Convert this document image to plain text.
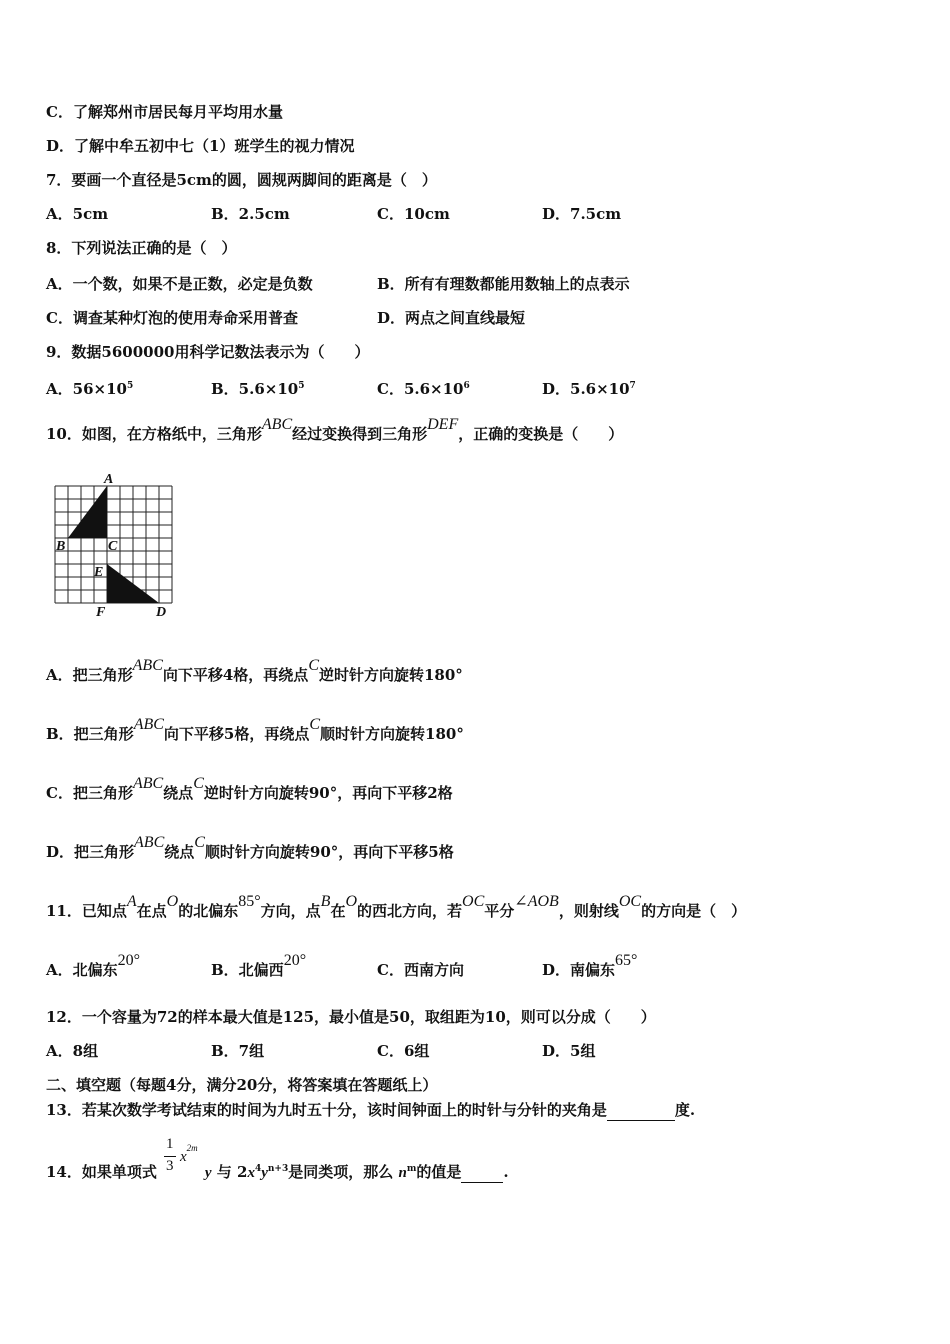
C．了解郑州市居民每月平均用水量
D．了解中牟五初中七（1）班学生的视力情况
7．要画一个直径是5cm的圆，圆规两脚间的距离是（　）
A．5cm	B．2.5cm	C．10cm	D．7.5cm
8．下列说法正确的是（　）
A．一个数，如果不是正数，必定是负数	B．所有有理数都能用数轴上的点表示
C．调查某种灯泡的使用寿命采用普查	D．两点之间直线最短
9．数据5600000用科学记数法表示为（　　）
A．$56\times 10^5$	B．$5.6\times 10^5$	C．$5.6\times 10^6$	D．$5.6\times 10^7$
10．如图，在方格纸中，三角形ABC经过变换得到三角形DEF，正确的变换是（　　）
A
B	C
E
F	D
A．把三角形ABC向下平移4格，再绕点C逆时针方向旋转180°
B．把三角形ABC向下平移5格，再绕点C顺时针方向旋转180°
C．把三角形ABC绕点C逆时针方向旋转90°，再向下平移2格
D．把三角形ABC绕点C顺时针方向旋转90°，再向下平移5格
11．已知点A在点O的北偏东85°方向，点B在O的西北方向，若OC平分∠AOB，则射线OC的方向是（　）
A．北偏东20°
B．北偏西20°
C．西南方向	D．南偏东65°
12．一个容量为72的样本最大值是125，最小值是50，取组距为10，则可以分成（　　）
A．8组	B．7组	C．6组	D．5组
二、填空题（每题4分，满分20分，将答案填在答题纸上）
13．若某次数学考试结束的时间为九时五十分，该时间钟面上的时针与分针的夹角是	度.
1
3
$x^{2m}$
14．如果单项式	y 与 $2x^4y^{n+3}$是同类项，那么 $n^m$的值是	.
